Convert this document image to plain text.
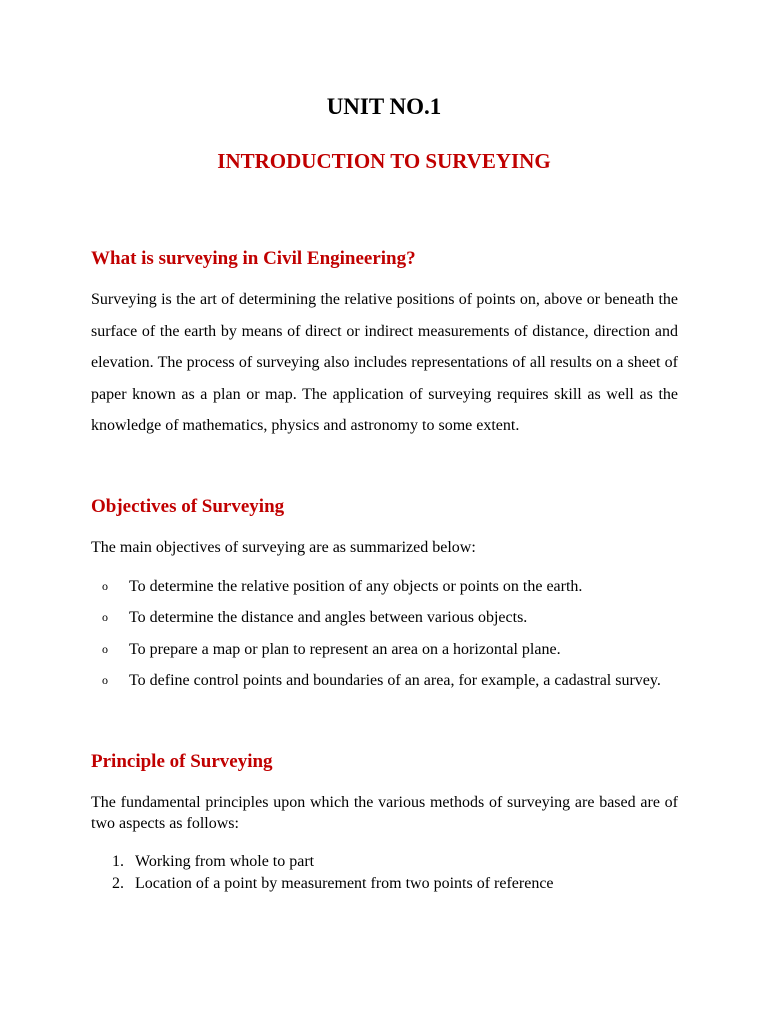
UNIT NO.1
INTRODUCTION TO SURVEYING
What is surveying in Civil Engineering?

Surveying is the art of determining the relative positions of points on, above or beneath the surface of the earth by means of direct or indirect measurements of distance, direction and elevation. The process of surveying also includes representations of all results on a sheet of paper known as a plan or map. The application of surveying requires skill as well as the knowledge of mathematics, physics and astronomy to some extent.

Objectives of Surveying

The main objectives of surveying are as summarized below:

o To determine the relative position of any objects or points on the earth.
o To determine the distance and angles between various objects.
o To prepare a map or plan to represent an area on a horizontal plane.
o To define control points and boundaries of an area, for example, a cadastral survey.
Principle of Surveying

The fundamental principles upon which the various methods of surveying are based are of two aspects as follows:

1. Working from whole to part
2. Location of a point by measurement from two points of reference
